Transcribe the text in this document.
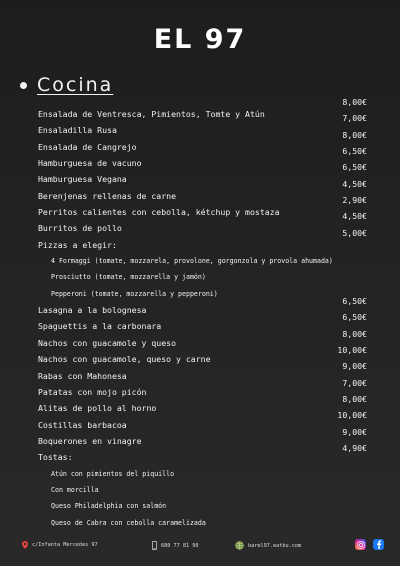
EL 97
Cocina
Ensalada de Ventresca, Pimientos, Tomte y Atún
Ensaladilla Rusa
Ensalada de Cangrejo
Hamburguesa de vacuno
Hamburguesa Vegana
Berenjenas rellenas de carne
Perritos calientes con cebolla, kétchup y mostaza
Burritos de pollo
Pizzas a elegir:
4 Formaggi (tomate, mozzarela, provolone, gorgonzola y provola ahumada)
Prosciutto (tomate, mozzarella y jamón)
Pepperoni (tomate, mozzarella y pepperoni)
Lasagna a la bolognesa
Spaguettis a la carbonara
Nachos con guacamole y queso
Nachos con guacamole, queso y carne
Rabas con Mahonesa
Patatas con mojo picón
Alitas de pollo al horno
Costillas barbacoa
Boquerones en vinagre
Tostas:
Atún con pimientos del piquillo
Con morcilla
Queso Philadelphia con salmón
Queso de Cabra con cebolla caramelizada
8,00€
7,00€
8,00€
6,50€
6,50€
4,50€
2,90€
4,50€
5,00€
6,50€
6,50€
8,00€
10,00€
9,00€
7,00€
8,00€
10,00€
9,00€
4,90€
c/Infanta Mercedes 97	680 77 81 90	barel97.eatbu.com
